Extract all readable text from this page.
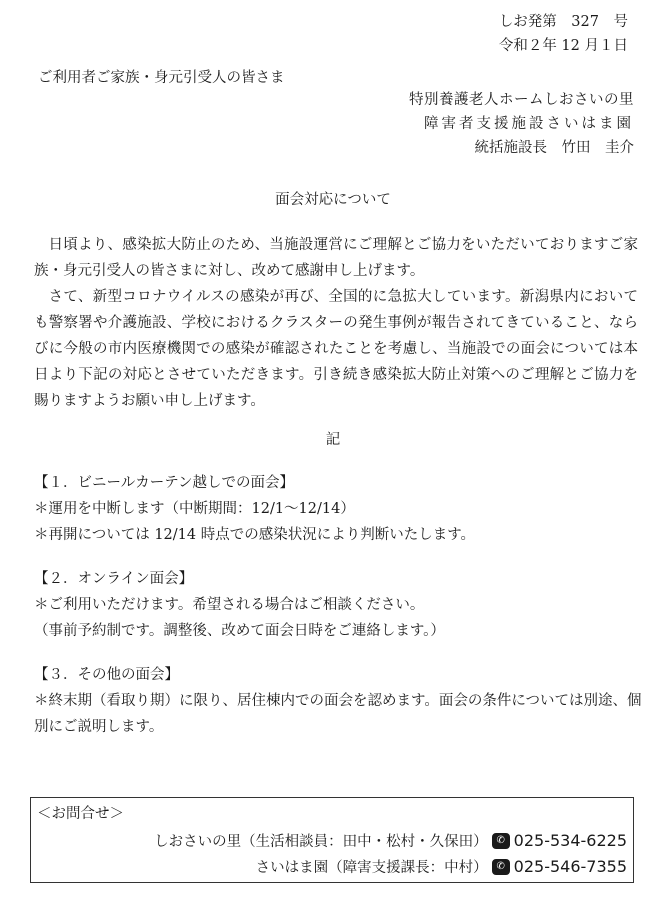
しお発第　327　号
令和２年 12 月１日
ご利用者ご家族・身元引受人の皆さま
特別養護老人ホームしおさいの里
障害者支援施設さいはま園
統括施設長　竹田　圭介
面会対応について

日頃より、感染拡大防止のため、当施設運営にご理解とご協力をいただいておりますご家族・身元引受人の皆さまに対し、改めて感謝申し上げます。

さて、新型コロナウイルスの感染が再び、全国的に急拡大しています。新潟県内においても警察署や介護施設、学校におけるクラスターの発生事例が報告されてきていること、ならびに今般の市内医療機関での感染が確認されたことを考慮し、当施設での面会については本日より下記の対応とさせていただきます。引き続き感染拡大防止対策へのご理解とご協力を賜りますようお願い申し上げます。

記
【１．ビニールカーテン越しでの面会】
＊運用を中断します（中断期間：12/1～12/14）
＊再開については 12/14 時点での感染状況により判断いたします。
【２．オンライン面会】
＊ご利用いただけます。希望される場合はご相談ください。
（事前予約制です。調整後、改めて面会日時をご連絡します。）
【３．その他の面会】
＊終末期（看取り期）に限り、居住棟内での面会を認めます。面会の条件については別途、個別にご説明します。
＜お問合せ＞
しおさいの里（生活相談員：田中・松村・久保田） ✆ 025-534-6225
さいはま園（障害支援課長：中村） ✆ 025-546-7355
